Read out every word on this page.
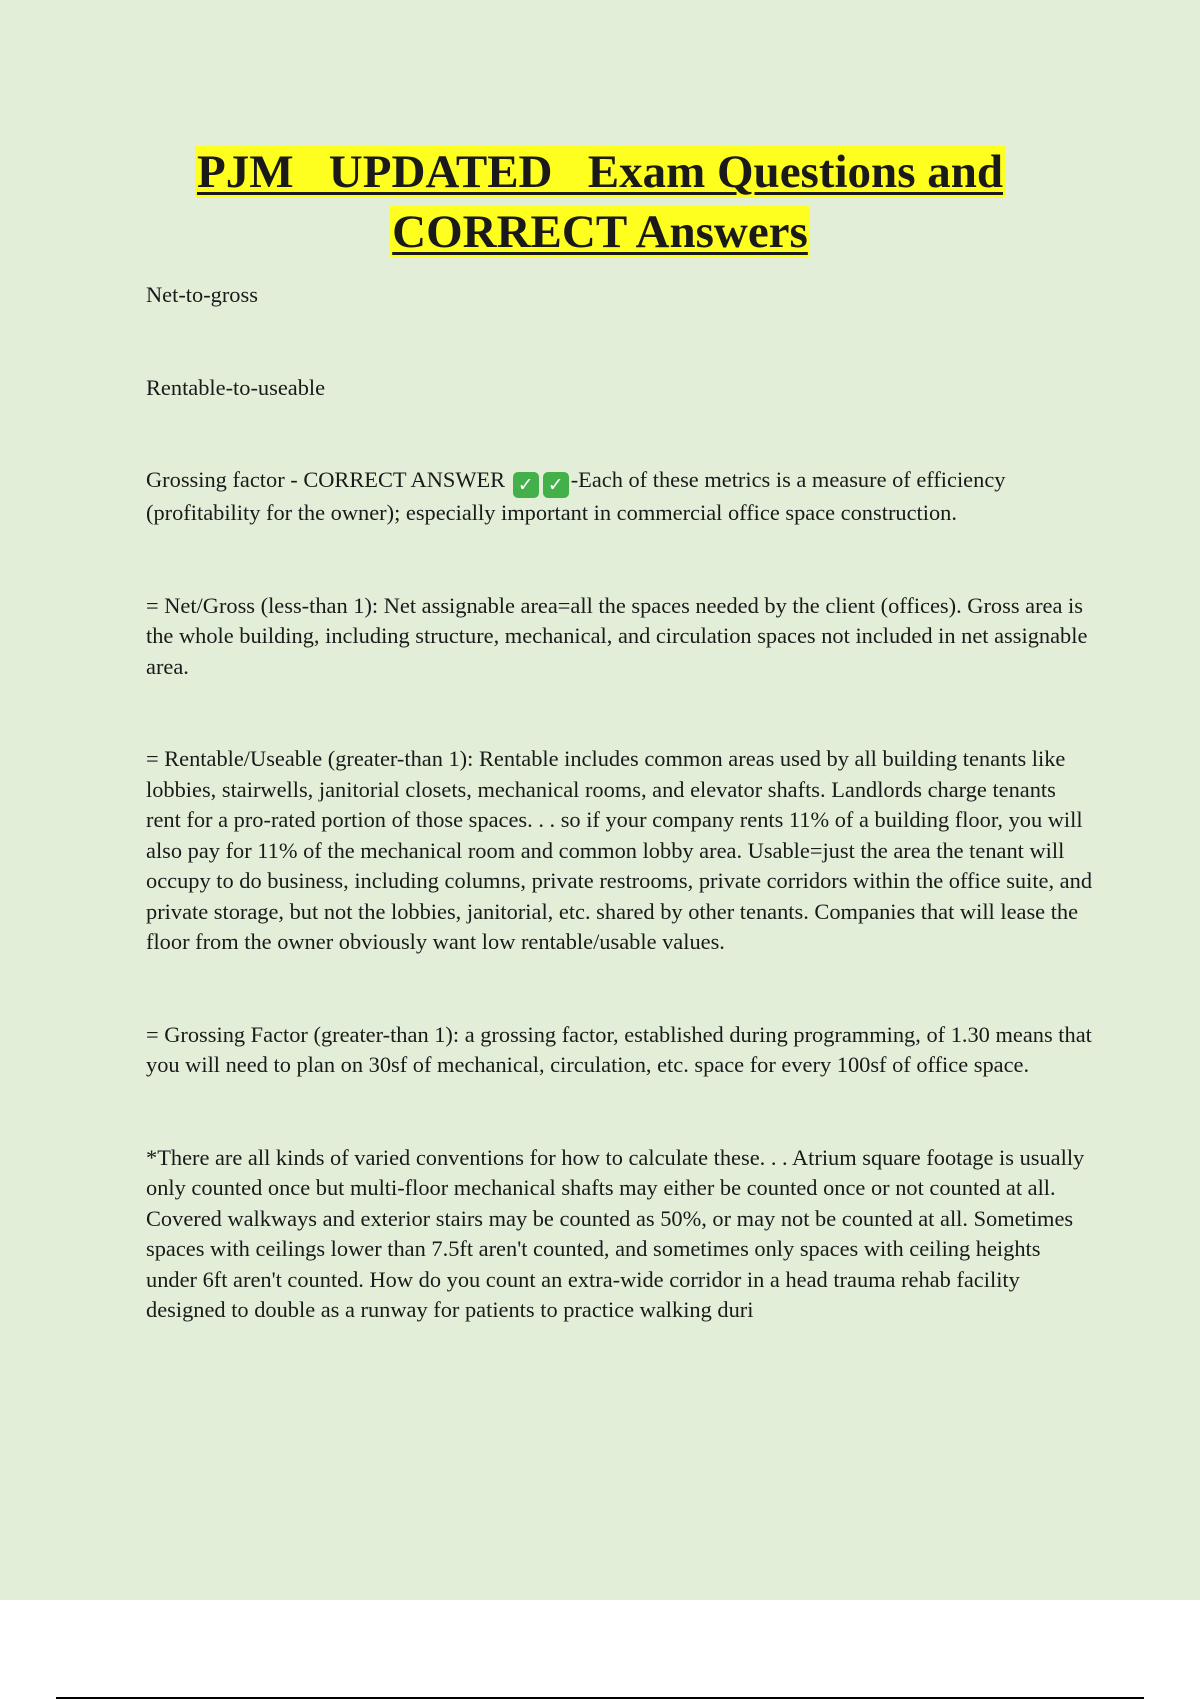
PJM   UPDATED   Exam Questions and
CORRECT Answers

Net-to-gross

Rentable-to-useable

Grossing factor - CORRECT ANSWER ✓ ✓ -Each of these metrics is a measure of efficiency (profitability for the owner); especially important in commercial office space construction.

= Net/Gross (less-than 1): Net assignable area=all the spaces needed by the client (offices). Gross area is the whole building, including structure, mechanical, and circulation spaces not included in net assignable area.

= Rentable/Useable (greater-than 1): Rentable includes common areas used by all building tenants like lobbies, stairwells, janitorial closets, mechanical rooms, and elevator shafts. Landlords charge tenants rent for a pro-rated portion of those spaces. . . so if your company rents 11% of a building floor, you will also pay for 11% of the mechanical room and common lobby area. Usable=just the area the tenant will occupy to do business, including columns, private restrooms, private corridors within the office suite, and private storage, but not the lobbies, janitorial, etc. shared by other tenants. Companies that will lease the floor from the owner obviously want low rentable/usable values.

= Grossing Factor (greater-than 1): a grossing factor, established during programming, of 1.30 means that you will need to plan on 30sf of mechanical, circulation, etc. space for every 100sf of office space.

*There are all kinds of varied conventions for how to calculate these. . . Atrium square footage is usually only counted once but multi-floor mechanical shafts may either be counted once or not counted at all. Covered walkways and exterior stairs may be counted as 50%, or may not be counted at all. Sometimes spaces with ceilings lower than 7.5ft aren't counted, and sometimes only spaces with ceiling heights under 6ft aren't counted. How do you count an extra-wide corridor in a head trauma rehab facility designed to double as a runway for patients to practice walking duri
